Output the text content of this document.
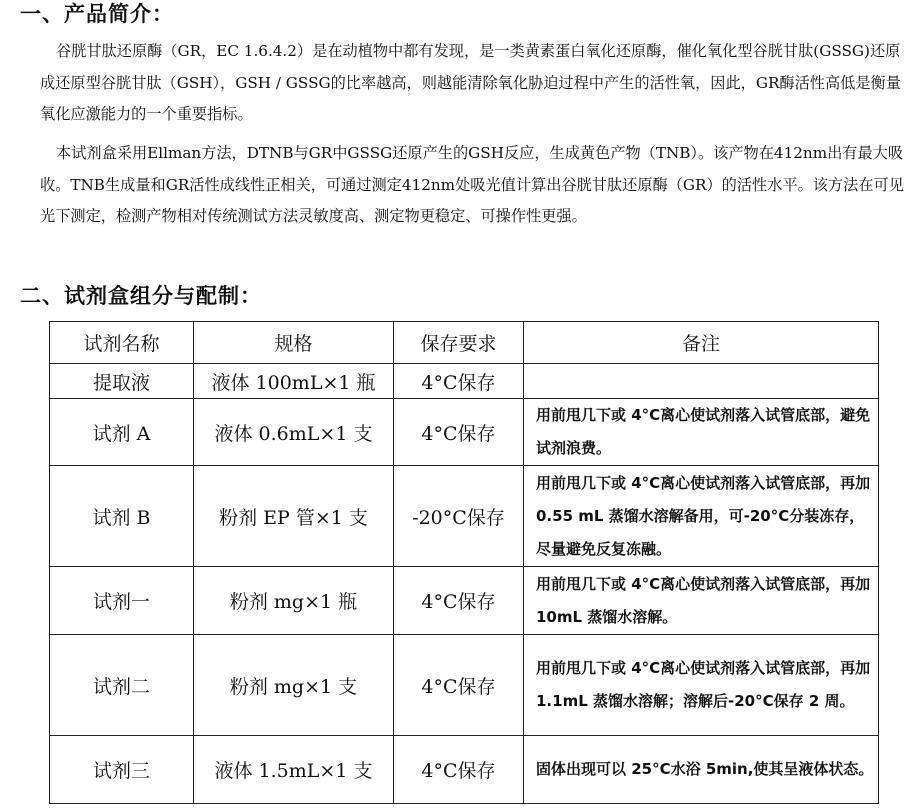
一、产品简介：

谷胱甘肽还原酶（GR，EC 1.6.4.2）是在动植物中都有发现，是一类黄素蛋白氧化还原酶，催化氧化型谷胱甘肽(GSSG)还原成还原型谷胱甘肽（GSH），GSH / GSSG的比率越高，则越能清除氧化胁迫过程中产生的活性氧，因此，GR酶活性高低是衡量氧化应激能力的一个重要指标。

本试剂盒采用Ellman方法，DTNB与GR中GSSG还原产生的GSH反应，生成黄色产物（TNB）。该产物在412nm出有最大吸收。TNB生成量和GR活性成线性正相关，可通过测定412nm处吸光值计算出谷胱甘肽还原酶（GR）的活性水平。该方法在可见光下测定，检测产物相对传统测试方法灵敏度高、测定物更稳定、可操作性更强。

二、试剂盒组分与配制：
试剂名称	规格	保存要求	备注
提取液	液体 100mL×1 瓶	4°C保存	
试剂 A	液体 0.6mL×1 支	4°C保存	用前甩几下或 4°C离心使试剂落入试管底部，避免试剂浪费。
试剂 B	粉剂 EP 管×1 支	-20°C保存	用前甩几下或 4°C离心使试剂落入试管底部，再加 0.55 mL 蒸馏水溶解备用，可-20°C分装冻存，尽量避免反复冻融。
试剂一	粉剂 mg×1 瓶	4°C保存	用前甩几下或 4°C离心使试剂落入试管底部，再加 10mL 蒸馏水溶解。
试剂二	粉剂 mg×1 支	4°C保存	用前甩几下或 4°C离心使试剂落入试管底部，再加 1.1mL 蒸馏水溶解；溶解后-20°C保存 2 周。
试剂三	液体 1.5mL×1 支	4°C保存	固体出现可以 25°C水浴 5min,使其呈液体状态。
